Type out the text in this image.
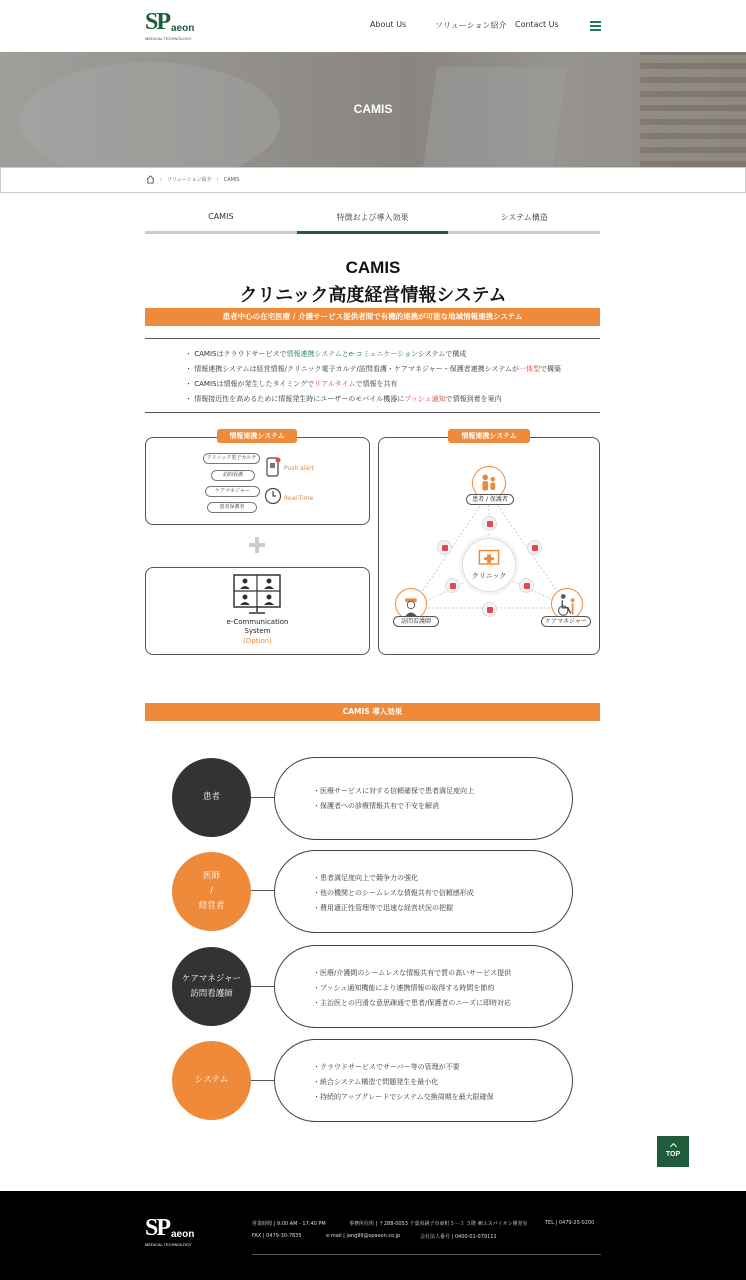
SP aeon
MEDICAL TECHNOLOGY
About Us	ソリューション紹介 Contact Us
CAMIS
› ソリューション紹介 › CAMIS
CAMIS	特徴および導入効果	システム構造
CAMIS
クリニック高度経営情報システム
患者中心の在宅医療 / 介護サービス提供者間で有機的連携が可能な地域情報連携システム
・ CAMISはクラウドサービスで情報連携システムとe-コミュニケーションシステムで構成
・ 情報連携システムは経営情報/クリニック電子カルテ/訪問看護・ケアマネジャー・保護者連携システムが一体型で構築
・ CAMISは情報が発生したタイミングでリアルタイムで情報を共有
・ 情報接近性を高めるために情報発生時にユーザーのモバイル機器にプッシュ通知で情報到着を案内
クリニック電子カルテ
訪問看護
ケアマネジャー
患者保護者
Push alert
Real-Time
情報連携システム
e-Communication
System
(Option)
患者 / 保護者
クリニック
訪問看護師	ケアマネジャー
情報連携システム
CAMIS 導入効果
・医療サービスに対する信頼確保で患者満足度向上
・保護者への診療情報共有で不安を解消
患者
・患者満足度向上で競争力の強化
・他の機関とのシームレスな情報共有で信頼感形成
・費用適正性管理等で迅速な経営状況の把握
医師
/
経営者
・医療/介護間のシームレスな情報共有で質の高いサービス提供
・プッシュ通知機能により連携情報の取得する時間を節約
・主治医との円滑な意思疎通で患者/保護者のニーズに即時対応
ケアマネジャー
訪問看護師
・クラウドサービスでサーバー等の管理が不要
・統合システム構造で問題発生を最小化
・持続的アップグレードでシステム交換周期を最大限確保
システム
TOP
SP aeon
MEDICAL TECHNOLOGY
営業時間 | 9:00 AM - 17:40 PM	事務所住所 | 〒288-0053 千葉県銚子市東町５－３ ５階 ㈱エスパイオン開発室	TEL | 0479-25-0200
FAX | 0479-30-7835	e-mail | jang99@spaeon.co.jp	会社法人番号 | 0400-01-079111
